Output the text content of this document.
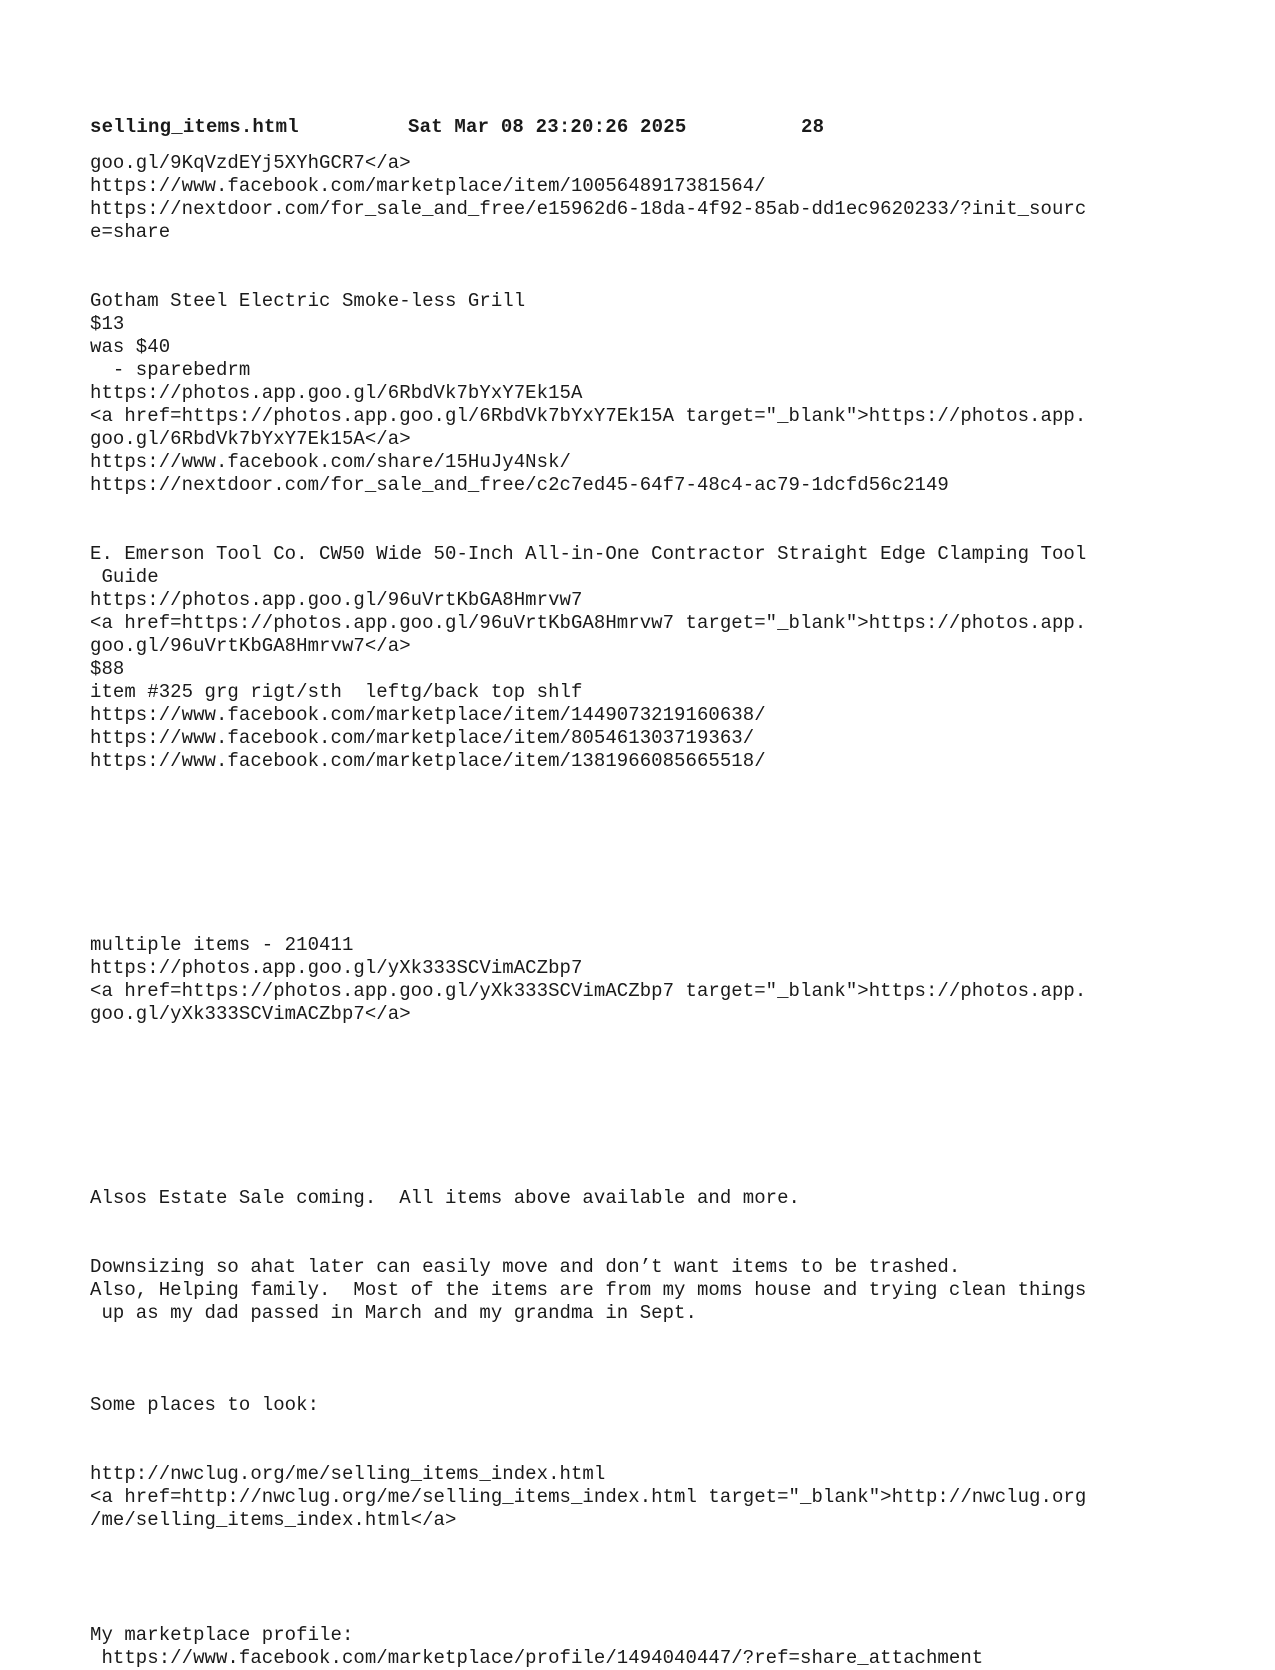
selling_items.html	Sat Mar 08 23:20:26 2025	28
goo.gl/9KqVzdEYj5XYhGCR7</a>
https://www.facebook.com/marketplace/item/1005648917381564/
https://nextdoor.com/for_sale_and_free/e15962d6-18da-4f92-85ab-dd1ec9620233/?init_sourc
e=share
Gotham Steel Electric Smoke-less Grill
$13
was $40
- sparebedrm
https://photos.app.goo.gl/6RbdVk7bYxY7Ek15A
<a href=https://photos.app.goo.gl/6RbdVk7bYxY7Ek15A target="_blank">https://photos.app.
goo.gl/6RbdVk7bYxY7Ek15A</a>
https://www.facebook.com/share/15HuJy4Nsk/
https://nextdoor.com/for_sale_and_free/c2c7ed45-64f7-48c4-ac79-1dcfd56c2149
E. Emerson Tool Co. CW50 Wide 50-Inch All-in-One Contractor Straight Edge Clamping Tool
Guide
https://photos.app.goo.gl/96uVrtKbGA8Hmrvw7
<a href=https://photos.app.goo.gl/96uVrtKbGA8Hmrvw7 target="_blank">https://photos.app.
goo.gl/96uVrtKbGA8Hmrvw7</a>
$88
item #325 grg rigt/sth  leftg/back top shlf
https://www.facebook.com/marketplace/item/1449073219160638/
https://www.facebook.com/marketplace/item/805461303719363/
https://www.facebook.com/marketplace/item/1381966085665518/
multiple items - 210411
https://photos.app.goo.gl/yXk333SCVimACZbp7
<a href=https://photos.app.goo.gl/yXk333SCVimACZbp7 target="_blank">https://photos.app.
goo.gl/yXk333SCVimACZbp7</a>
Alsos Estate Sale coming.  All items above available and more.
Downsizing so ahat later can easily move and don’t want items to be trashed.
Also, Helping family.  Most of the items are from my moms house and trying clean things
up as my dad passed in March and my grandma in Sept.
Some places to look:
http://nwclug.org/me/selling_items_index.html
<a href=http://nwclug.org/me/selling_items_index.html target="_blank">http://nwclug.org
/me/selling_items_index.html</a>
My marketplace profile:
https://www.facebook.com/marketplace/profile/1494040447/?ref=share_attachment
